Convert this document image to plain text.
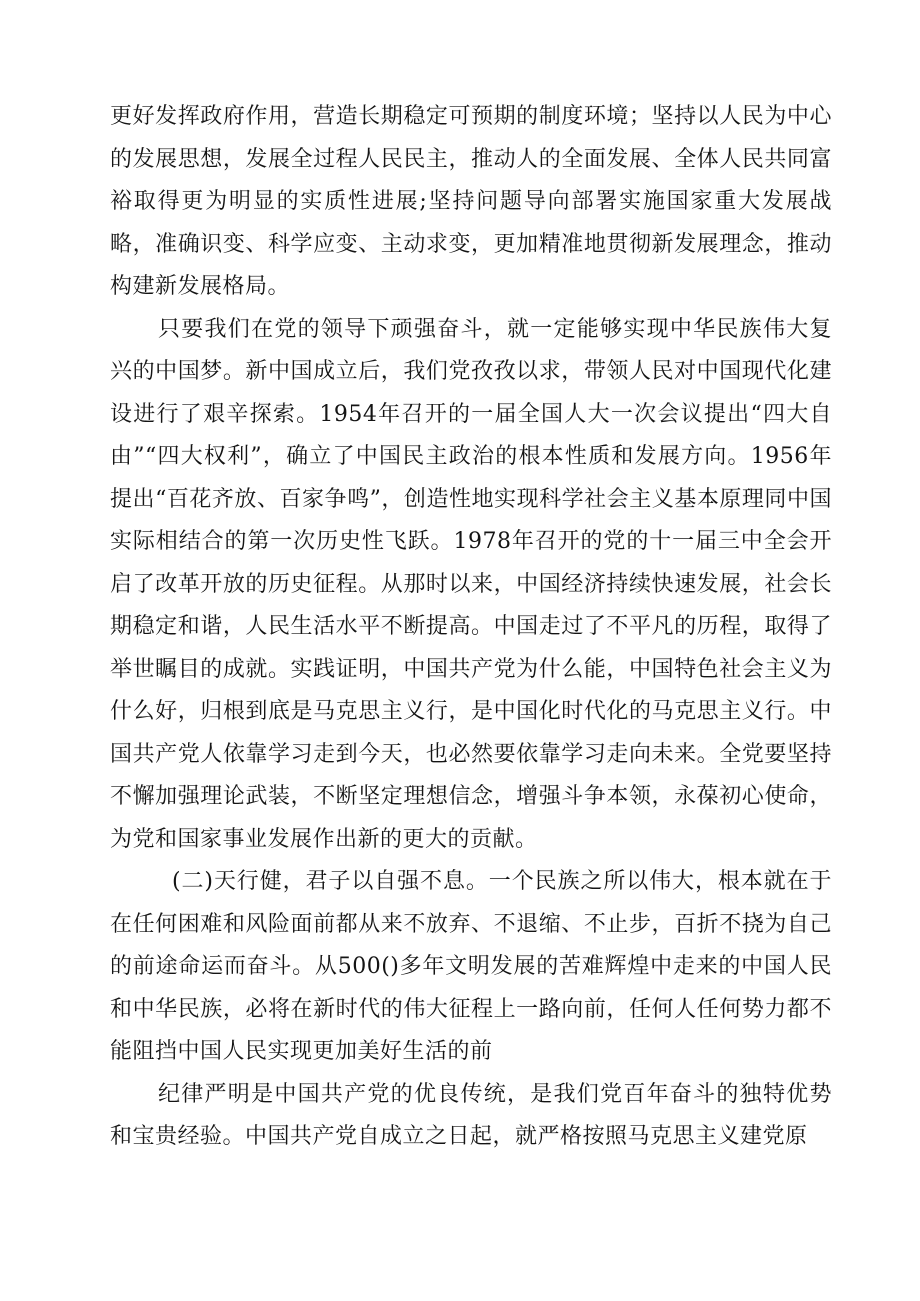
更好发挥政府作用，营造长期稳定可预期的制度环境；坚持以人民为中心的发展思想，发展全过程人民民主，推动人的全面发展、全体人民共同富裕取得更为明显的实质性进展;坚持问题导向部署实施国家重大发展战略，准确识变、科学应变、主动求变，更加精准地贯彻新发展理念，推动构建新发展格局。

只要我们在党的领导下顽强奋斗，就一定能够实现中华民族伟大复兴的中国梦。新中国成立后，我们党孜孜以求，带领人民对中国现代化建设进行了艰辛探索。1954年召开的一届全国人大一次会议提出“四大自由”“四大权利”，确立了中国民主政治的根本性质和发展方向。1956年提出“百花齐放、百家争鸣”，创造性地实现科学社会主义基本原理同中国实际相结合的第一次历史性飞跃。1978年召开的党的十一届三中全会开启了改革开放的历史征程。从那时以来，中国经济持续快速发展，社会长期稳定和谐，人民生活水平不断提高。中国走过了不平凡的历程，取得了举世瞩目的成就。实践证明，中国共产党为什么能，中国特色社会主义为什么好，归根到底是马克思主义行，是中国化时代化的马克思主义行。中国共产党人依靠学习走到今天，也必然要依靠学习走向未来。全党要坚持不懈加强理论武装，不断坚定理想信念，增强斗争本领，永葆初心使命，为党和国家事业发展作出新的更大的贡献。

(二)天行健，君子以自强不息。一个民族之所以伟大，根本就在于在任何困难和风险面前都从来不放弃、不退缩、不止步，百折不挠为自己的前途命运而奋斗。从500()多年文明发展的苦难辉煌中走来的中国人民和中华民族，必将在新时代的伟大征程上一路向前，任何人任何势力都不能阻挡中国人民实现更加美好生活的前

纪律严明是中国共产党的优良传统，是我们党百年奋斗的独特优势和宝贵经验。中国共产党自成立之日起，就严格按照马克思主义建党原
